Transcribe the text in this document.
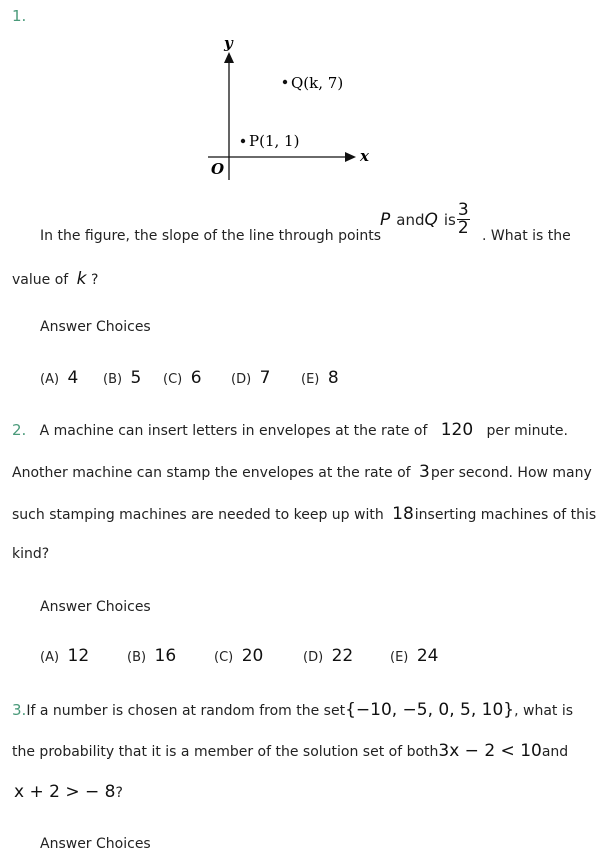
1.
y
x
O
Q(k, 7)
P(1, 1)
In the figure, the slope of the line through points
P and Q is $\frac{3}{2}$ . What is the
value of k ?
Answer Choices
(A) 4 (B) 5 (C) 6 (D) 7 (E) 8
2. A machine can insert letters in envelopes at the rate of 120 per minute.
Another machine can stamp the envelopes at the rate of 3per second. How many
such stamping machines are needed to keep up with 18inserting machines of this
kind?
Answer Choices
(A) 12	(B) 16	(C) 20	(D) 22	(E) 24
3. If a number is chosen at random from the set {−10, −5, 0, 5, 10} , what is
the probability that it is a member of the solution set of both 3x − 2 < 10 and
x + 2 > − 8?
Answer Choices
